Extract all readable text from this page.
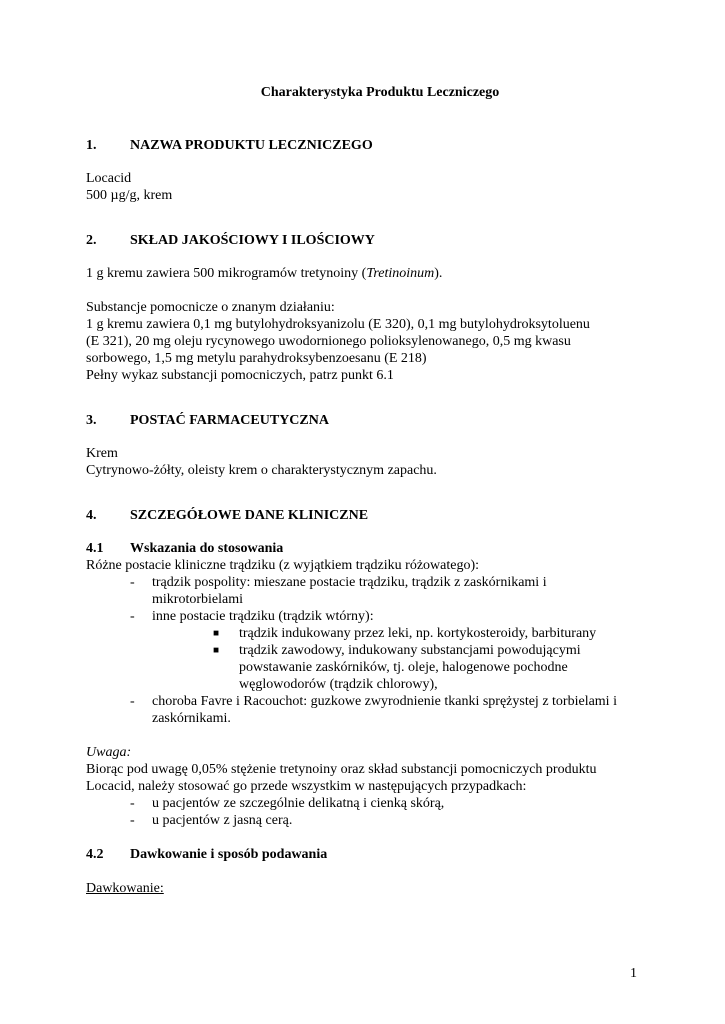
Charakterystyka Produktu Leczniczego

1.	NAZWA PRODUKTU LECZNICZEGO

Locacid

500 µg/g, krem

2.	SKŁAD JAKOŚCIOWY I ILOŚCIOWY

1 g kremu zawiera 500 mikrogramów tretynoiny (Tretinoinum).

Substancje pomocnicze o znanym działaniu:

1 g kremu zawiera 0,1 mg butylohydroksyanizolu (E 320), 0,1 mg butylohydroksytoluenu

(E 321), 20 mg oleju rycynowego uwodornionego polioksylenowanego, 0,5 mg kwasu

sorbowego, 1,5 mg metylu parahydroksybenzoesanu (E 218)

Pełny wykaz substancji pomocniczych, patrz punkt 6.1

3.	POSTAĆ FARMACEUTYCZNA

Krem

Cytrynowo-żółty, oleisty krem o charakterystycznym zapachu.

4.	SZCZEGÓŁOWE DANE KLINICZNE
4.1	Wskazania do stosowania

Różne postacie kliniczne trądziku (z wyjątkiem trądziku różowatego):

-	trądzik pospolity: mieszane postacie trądziku, trądzik z zaskórnikami i
mikrotorbielami
-	inne postacie trądziku (trądzik wtórny):
■	trądzik indukowany przez leki, np. kortykosteroidy, barbiturany
■	trądzik zawodowy, indukowany substancjami powodującymi
powstawanie zaskórników, tj. oleje, halogenowe pochodne
węglowodorów (trądzik chlorowy),
-	choroba Favre i Racouchot: guzkowe zwyrodnienie tkanki sprężystej z torbielami i
zaskórnikami.

Uwaga:

Biorąc pod uwagę 0,05% stężenie tretynoiny oraz skład substancji pomocniczych produktu

Locacid, należy stosować go przede wszystkim w następujących przypadkach:

-	u pacjentów ze szczególnie delikatną i cienką skórą,
-	u pacjentów z jasną cerą.
4.2	Dawkowanie i sposób podawania

Dawkowanie:

1
